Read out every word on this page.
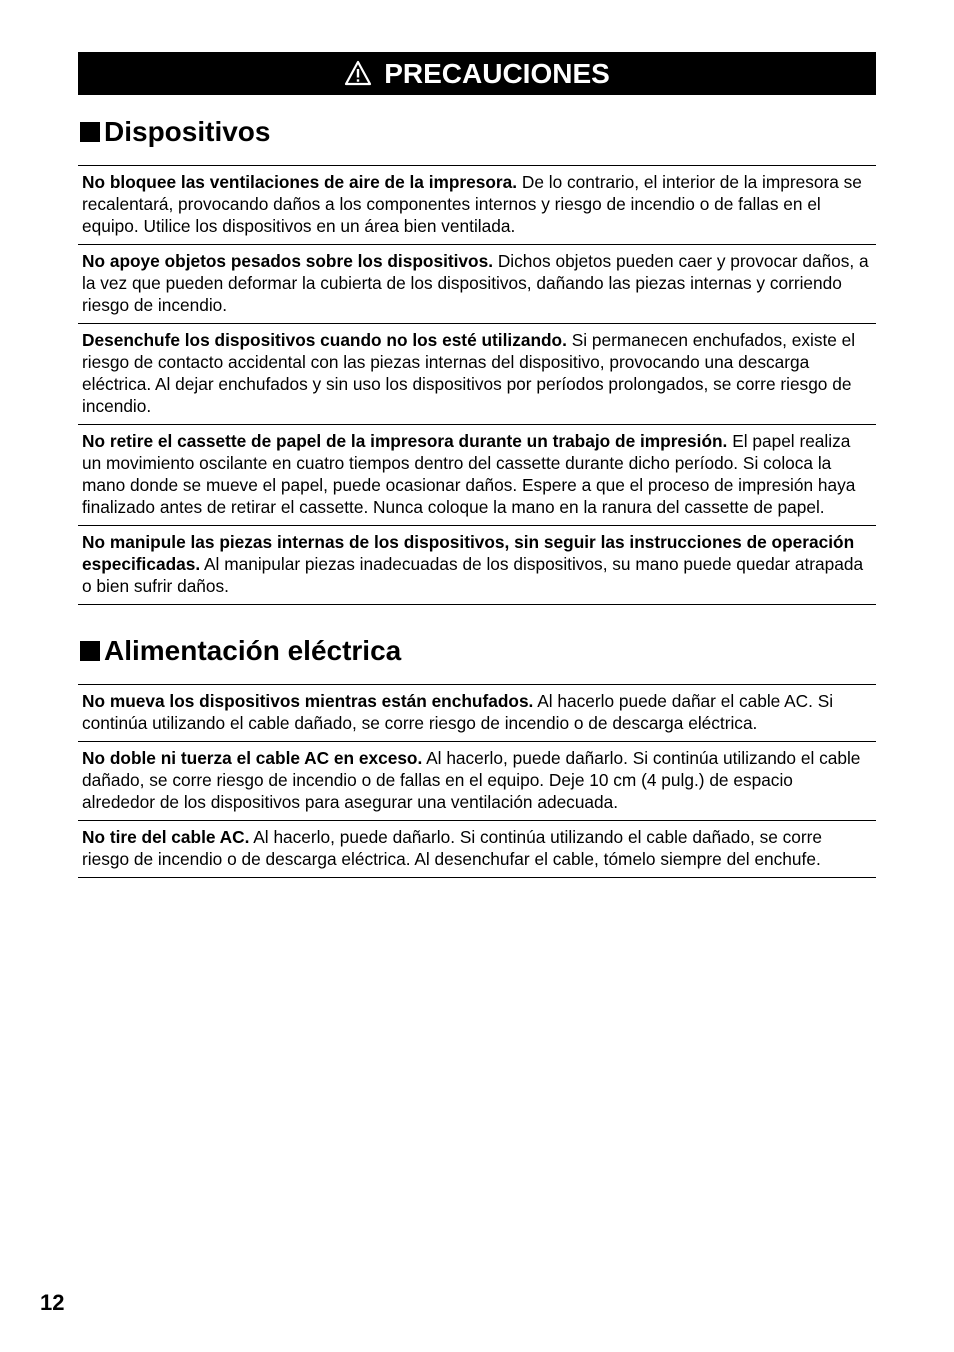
PRECAUCIONES
Dispositivos
No bloquee las ventilaciones de aire de la impresora. De lo contrario, el interior de la impresora se recalentará, provocando daños a los componentes internos y riesgo de incendio o de fallas en el equipo. Utilice los dispositivos en un área bien ventilada.
No apoye objetos pesados sobre los dispositivos. Dichos objetos pueden caer y provocar daños, a la vez que pueden deformar la cubierta de los dispositivos, dañando las piezas internas y corriendo riesgo de incendio.
Desenchufe los dispositivos cuando no los esté utilizando. Si permanecen enchufados, existe el riesgo de contacto accidental con las piezas internas del dispositivo, provocando una descarga eléctrica. Al dejar enchufados y sin uso los dispositivos por períodos prolongados, se corre riesgo de incendio.
No retire el cassette de papel de la impresora durante un trabajo de impresión. El papel realiza un movimiento oscilante en cuatro tiempos dentro del cassette durante dicho período. Si coloca la mano donde se mueve el papel, puede ocasionar daños. Espere a que el proceso de impresión haya finalizado antes de retirar el cassette. Nunca coloque la mano en la ranura del cassette de papel.
No manipule las piezas internas de los dispositivos, sin seguir las instrucciones de operación especificadas. Al manipular piezas inadecuadas de los dispositivos, su mano puede quedar atrapada o bien sufrir daños.
Alimentación eléctrica
No mueva los dispositivos mientras están enchufados. Al hacerlo puede dañar el cable AC. Si continúa utilizando el cable dañado, se corre riesgo de incendio o de descarga eléctrica.
No doble ni tuerza el cable AC en exceso. Al hacerlo, puede dañarlo. Si continúa utilizando el cable dañado, se corre riesgo de incendio o de fallas en el equipo. Deje 10 cm (4 pulg.) de espacio alrededor de los dispositivos para asegurar una ventilación adecuada.
No tire del cable AC. Al hacerlo, puede dañarlo. Si continúa utilizando el cable dañado, se corre riesgo de incendio o de descarga eléctrica. Al desenchufar el cable, tómelo siempre del enchufe.
12
